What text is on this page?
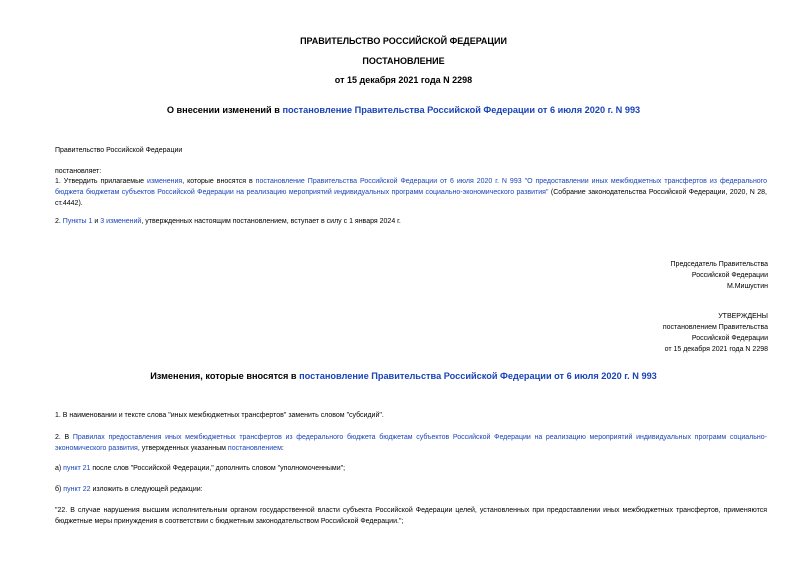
ПРАВИТЕЛЬСТВО РОССИЙСКОЙ ФЕДЕРАЦИИ
ПОСТАНОВЛЕНИЕ
от 15 декабря 2021 года N 2298
О внесении изменений в постановление Правительства Российской Федерации от 6 июля 2020 г. N 993
Правительство Российской Федерации
постановляет:
1. Утвердить прилагаемые изменения, которые вносятся в постановление Правительства Российской Федерации от 6 июля 2020 г. N 993 "О предоставлении иных межбюджетных трансфертов из федерального бюджета бюджетам субъектов Российской Федерации на реализацию мероприятий индивидуальных программ социально-экономического развития" (Собрание законодательства Российской Федерации, 2020, N 28, ст.4442).
2. Пункты 1 и 3 изменений, утвержденных настоящим постановлением, вступает в силу с 1 января 2024 г.
Председатель Правительства
Российской Федерации
М.Мишустин
УТВЕРЖДЕНЫ
постановлением Правительства
Российской Федерации
от 15 декабря 2021 года N 2298
Изменения, которые вносятся в постановление Правительства Российской Федерации от 6 июля 2020 г. N 993
1. В наименовании и тексте слова "иных межбюджетных трансфертов" заменить словом "субсидий".
2. В Правилах предоставления иных межбюджетных трансфертов из федерального бюджета бюджетам субъектов Российской Федерации на реализацию мероприятий индивидуальных программ социально-экономического развития, утвержденных указанным постановлением:
а) пункт 21 после слов "Российской Федерации," дополнить словом "уполномоченными";
б) пункт 22 изложить в следующей редакции:
"22. В случае нарушения высшим исполнительным органом государственной власти субъекта Российской Федерации целей, установленных при предоставлении иных межбюджетных трансфертов, применяются бюджетные меры принуждения в соответствии с бюджетным законодательством Российской Федерации.";
